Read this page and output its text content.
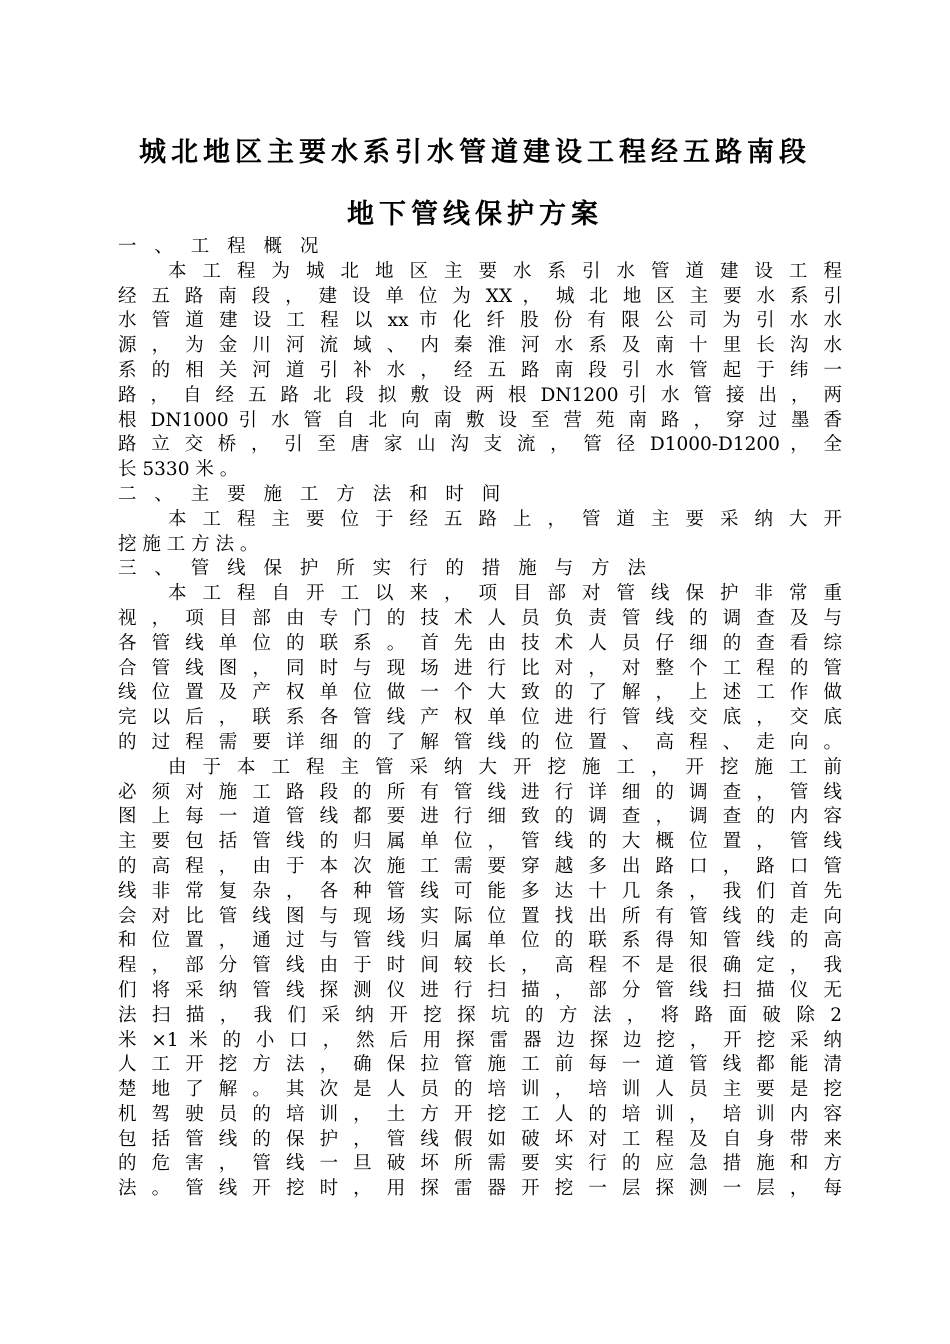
城北地区主要水系引水管道建设工程经五路南段
地下管线保护方案
一 、 工 程 概 况
本 工 程 为 城 北 地 区 主 要 水 系 引 水 管 道 建 设 工 程
经 五 路 南 段 ， 建 设 单 位 为 XX ， 城 北 地 区 主 要 水 系 引
水 管 道 建 设 工 程 以 xx 市 化 纤 股 份 有 限 公 司 为 引 水 水
源 ， 为 金 川 河 流 域 、 内 秦 淮 河 水 系 及 南 十 里 长 沟 水
系 的 相 关 河 道 引 补 水 ， 经 五 路 南 段 引 水 管 起 于 纬 一
路 ， 自 经 五 路 北 段 拟 敷 设 两 根 DN1200 引 水 管 接 出 ， 两
根 DN1000 引 水 管 自 北 向 南 敷 设 至 营 苑 南 路 ， 穿 过 墨 香
路 立 交 桥 ， 引 至 唐 家 山 沟 支 流 ， 管 径 D1000-D1200 ， 全
长 5330 米 。
二 、 主 要 施 工 方 法 和 时 间
本 工 程 主 要 位 于 经 五 路 上 ， 管 道 主 要 采 纳 大 开
挖 施 工 方 法 。
三 、 管 线 保 护 所 实 行 的 措 施 与 方 法
本 工 程 自 开 工 以 来 ， 项 目 部 对 管 线 保 护 非 常 重
视 ， 项 目 部 由 专 门 的 技 术 人 员 负 责 管 线 的 调 查 及 与
各 管 线 单 位 的 联 系 。 首 先 由 技 术 人 员 仔 细 的 查 看 综
合 管 线 图 ， 同 时 与 现 场 进 行 比 对 ， 对 整 个 工 程 的 管
线 位 置 及 产 权 单 位 做 一 个 大 致 的 了 解 ， 上 述 工 作 做
完 以 后 ， 联 系 各 管 线 产 权 单 位 进 行 管 线 交 底 ， 交 底
的 过 程 需 要 详 细 的 了 解 管 线 的 位 置 、 高 程 、 走 向 。
由 于 本 工 程 主 管 采 纳 大 开 挖 施 工 ， 开 挖 施 工 前
必 须 对 施 工 路 段 的 所 有 管 线 进 行 详 细 的 调 查 ， 管 线
图 上 每 一 道 管 线 都 要 进 行 细 致 的 调 查 ， 调 查 的 内 容
主 要 包 括 管 线 的 归 属 单 位 ， 管 线 的 大 概 位 置 ， 管 线
的 高 程 ， 由 于 本 次 施 工 需 要 穿 越 多 出 路 口 ， 路 口 管
线 非 常 复 杂 ， 各 种 管 线 可 能 多 达 十 几 条 ， 我 们 首 先
会 对 比 管 线 图 与 现 场 实 际 位 置 找 出 所 有 管 线 的 走 向
和 位 置 ， 通 过 与 管 线 归 属 单 位 的 联 系 得 知 管 线 的 高
程 ， 部 分 管 线 由 于 时 间 较 长 ， 高 程 不 是 很 确 定 ， 我
们 将 采 纳 管 线 探 测 仪 进 行 扫 描 ， 部 分 管 线 扫 描 仪 无
法 扫 描 ， 我 们 采 纳 开 挖 探 坑 的 方 法 ， 将 路 面 破 除 2
米 ×1 米 的 小 口 ， 然 后 用 探 雷 器 边 探 边 挖 ， 开 挖 采 纳
人 工 开 挖 方 法 ， 确 保 拉 管 施 工 前 每 一 道 管 线 都 能 清
楚 地 了 解 。 其 次 是 人 员 的 培 训 ， 培 训 人 员 主 要 是 挖
机 驾 驶 员 的 培 训 ， 土 方 开 挖 工 人 的 培 训 ， 培 训 内 容
包 括 管 线 的 保 护 ， 管 线 假 如 破 坏 对 工 程 及 自 身 带 来
的 危 害 ， 管 线 一 旦 破 坏 所 需 要 实 行 的 应 急 措 施 和 方
法 。 管 线 开 挖 时 ， 用 探 雷 器 开 挖 一 层 探 测 一 层 ， 每
